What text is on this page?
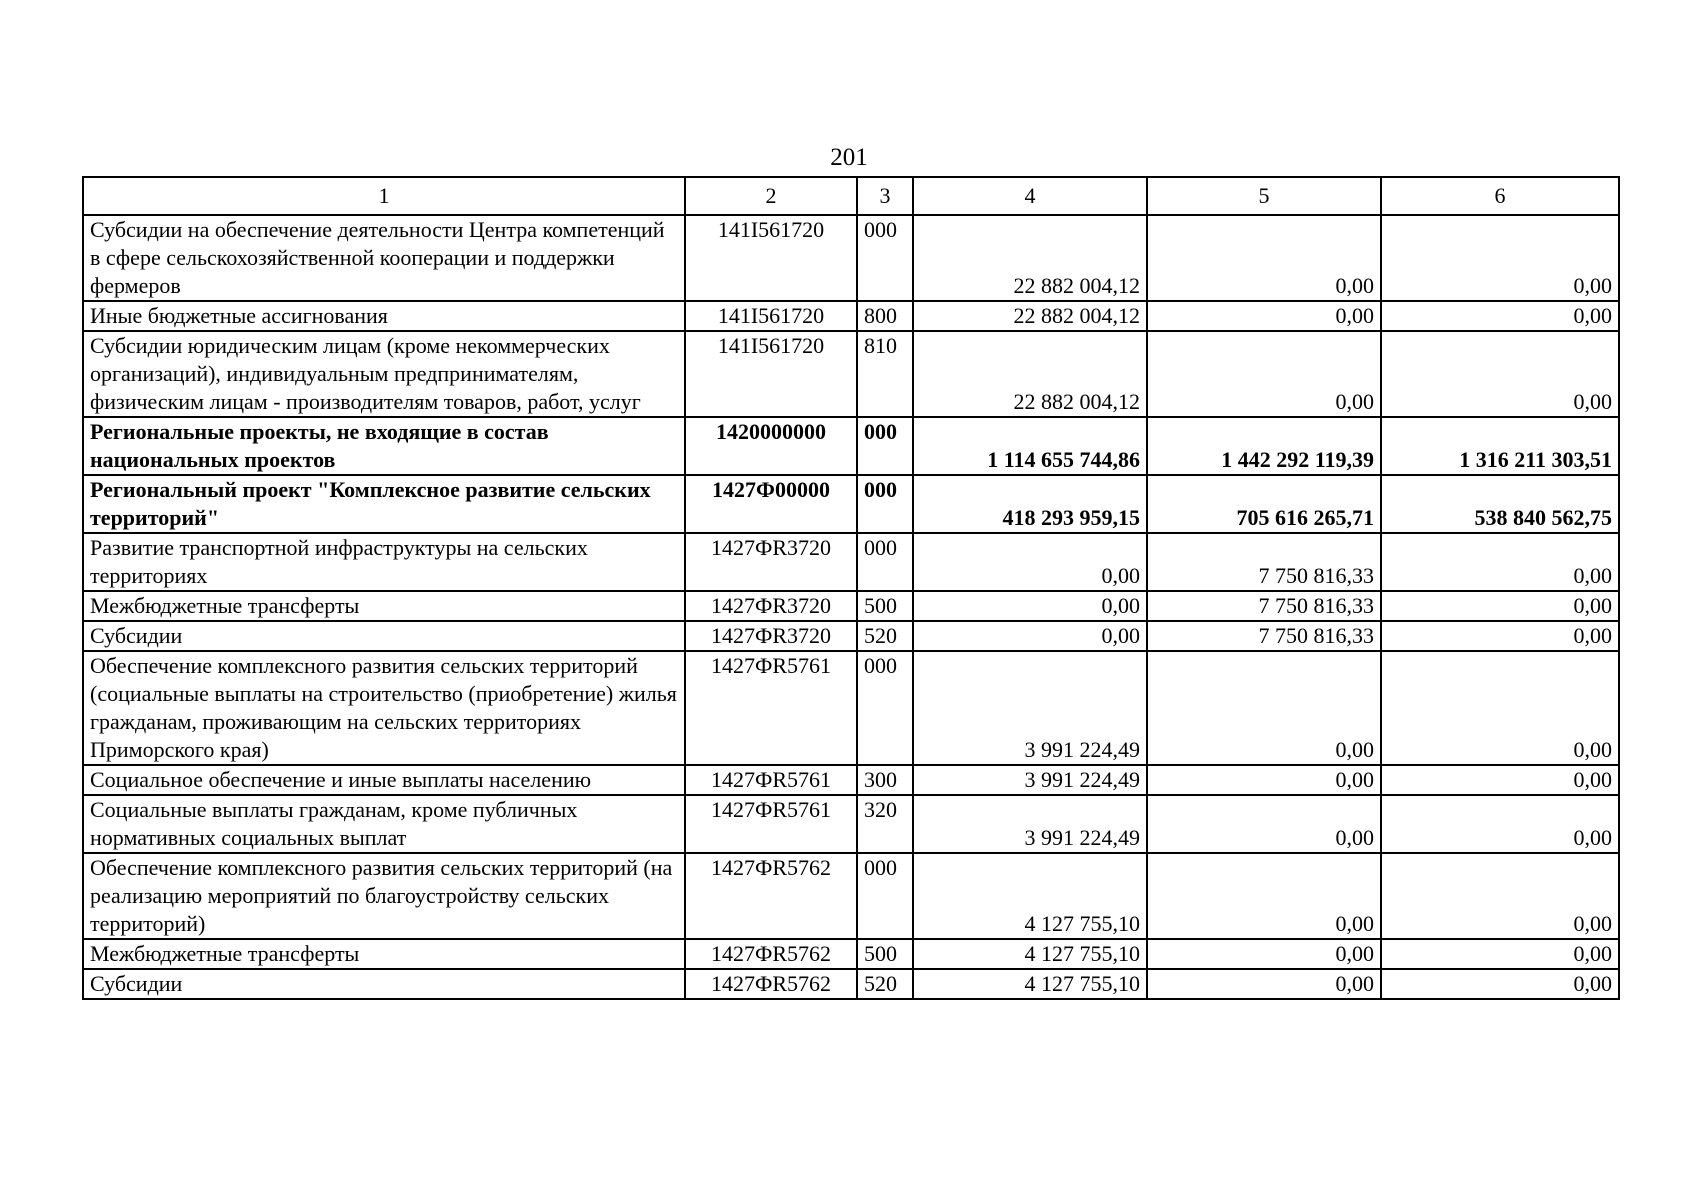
201
1	2	3	4	5	6
Субсидии на обеспечение деятельности Центра компетенций в сфере сельскохозяйственной кооперации и поддержки фермеров	141I561720	000	22 882 004,12	0,00	0,00
Иные бюджетные ассигнования	141I561720	800	22 882 004,12	0,00	0,00
Субсидии юридическим лицам (кроме некоммерческих организаций), индивидуальным предпринимателям, физическим лицам - производителям товаров, работ, услуг	141I561720	810	22 882 004,12	0,00	0,00
Региональные проекты, не входящие в состав национальных проектов	1420000000	000	1 114 655 744,86	1 442 292 119,39	1 316 211 303,51
Региональный проект "Комплексное развитие сельских территорий"	1427Ф00000	000	418 293 959,15	705 616 265,71	538 840 562,75
Развитие транспортной инфраструктуры на сельских территориях	1427ФR3720	000	0,00	7 750 816,33	0,00
Межбюджетные трансферты	1427ФR3720	500	0,00	7 750 816,33	0,00
Субсидии	1427ФR3720	520	0,00	7 750 816,33	0,00
Обеспечение комплексного развития сельских территорий (социальные выплаты на строительство (приобретение) жилья гражданам, проживающим на сельских территориях Приморского края)	1427ФR5761	000	3 991 224,49	0,00	0,00
Социальное обеспечение и иные выплаты населению	1427ФR5761	300	3 991 224,49	0,00	0,00
Социальные выплаты гражданам, кроме публичных нормативных социальных выплат	1427ФR5761	320	3 991 224,49	0,00	0,00
Обеспечение комплексного развития сельских территорий (на реализацию мероприятий по благоустройству сельских территорий)	1427ФR5762	000	4 127 755,10	0,00	0,00
Межбюджетные трансферты	1427ФR5762	500	4 127 755,10	0,00	0,00
Субсидии	1427ФR5762	520	4 127 755,10	0,00	0,00
